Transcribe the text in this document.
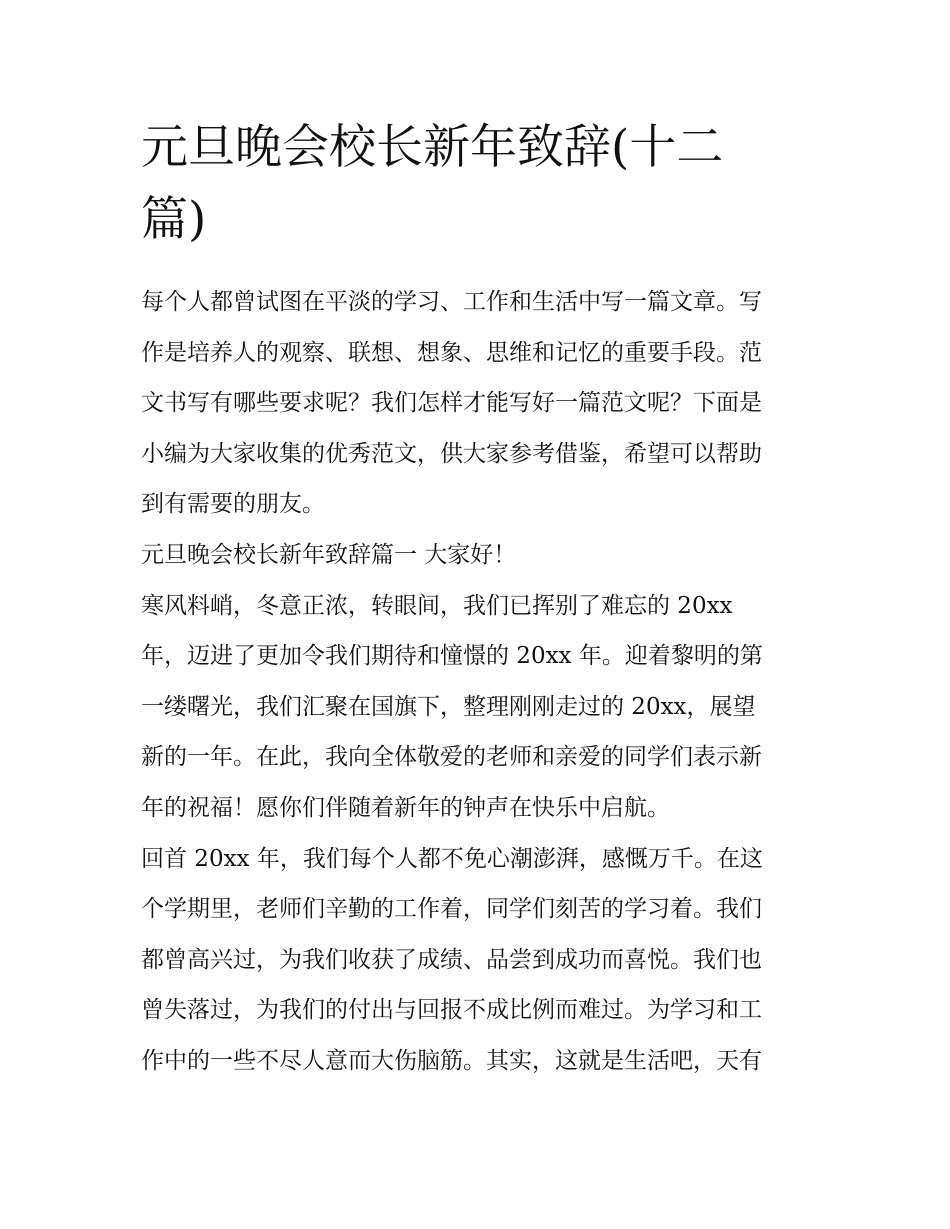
元旦晚会校长新年致辞(十二
篇)
每个人都曾试图在平淡的学习、工作和生活中写一篇文章。写
作是培养人的观察、联想、想象、思维和记忆的重要手段。范
文书写有哪些要求呢？我们怎样才能写好一篇范文呢？下面是
小编为大家收集的优秀范文，供大家参考借鉴，希望可以帮助
到有需要的朋友。
元旦晚会校长新年致辞篇一 大家好！
寒风料峭，冬意正浓，转眼间，我们已挥别了难忘的 20xx
年，迈进了更加令我们期待和憧憬的 20xx 年。迎着黎明的第
一缕曙光，我们汇聚在国旗下，整理刚刚走过的 20xx，展望
新的一年。在此，我向全体敬爱的老师和亲爱的同学们表示新
年的祝福！愿你们伴随着新年的钟声在快乐中启航。
回首 20xx 年，我们每个人都不免心潮澎湃，感慨万千。在这
个学期里，老师们辛勤的工作着，同学们刻苦的学习着。我们
都曾高兴过，为我们收获了成绩、品尝到成功而喜悦。我们也
曾失落过，为我们的付出与回报不成比例而难过。为学习和工
作中的一些不尽人意而大伤脑筋。其实，这就是生活吧，天有
